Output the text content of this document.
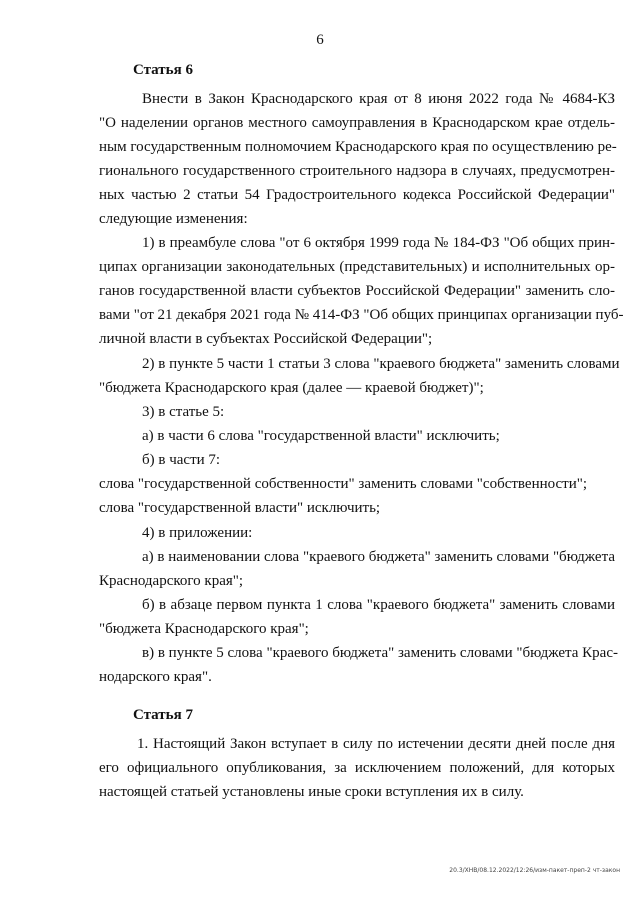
6
Статья 6
Внести в Закон Краснодарского края от 8 июня 2022 года № 4684-КЗ
"О наделении органов местного самоуправления в Краснодарском крае отдель-
ным государственным полномочием Краснодарского края по осуществлению ре-
гионального государственного строительного надзора в случаях, предусмотрен-
ных частью 2 статьи 54 Градостроительного кодекса Российской Федерации"
следующие изменения:
1) в преамбуле слова "от 6 октября 1999 года № 184-ФЗ "Об общих прин-
ципах организации законодательных (представительных) и исполнительных ор-
ганов государственной власти субъектов Российской Федерации" заменить сло-
вами "от 21 декабря 2021 года № 414-ФЗ "Об общих принципах организации пуб-
личной власти в субъектах Российской Федерации";
2) в пункте 5 части 1 статьи 3 слова "краевого бюджета" заменить словами
"бюджета Краснодарского края (далее — краевой бюджет)";
3) в статье 5:
а) в части 6 слова "государственной власти" исключить;
б) в части 7:
слова "государственной собственности" заменить словами "собственности";
слова "государственной власти" исключить;
4) в приложении:
а) в наименовании слова "краевого бюджета" заменить словами "бюджета
Краснодарского края";
б) в абзаце первом пункта 1 слова "краевого бюджета" заменить словами
"бюджета Краснодарского края";
в) в пункте 5 слова "краевого бюджета" заменить словами "бюджета Крас-
нодарского края".
Статья 7
1. Настоящий Закон вступает в силу по истечении десяти дней после дня
его официального опубликования, за исключением положений, для которых
настоящей статьей установлены иные сроки вступления их в силу.
20.3/XHB/08.12.2022/12:26/изм-пакет-преп-2 чт-закон
